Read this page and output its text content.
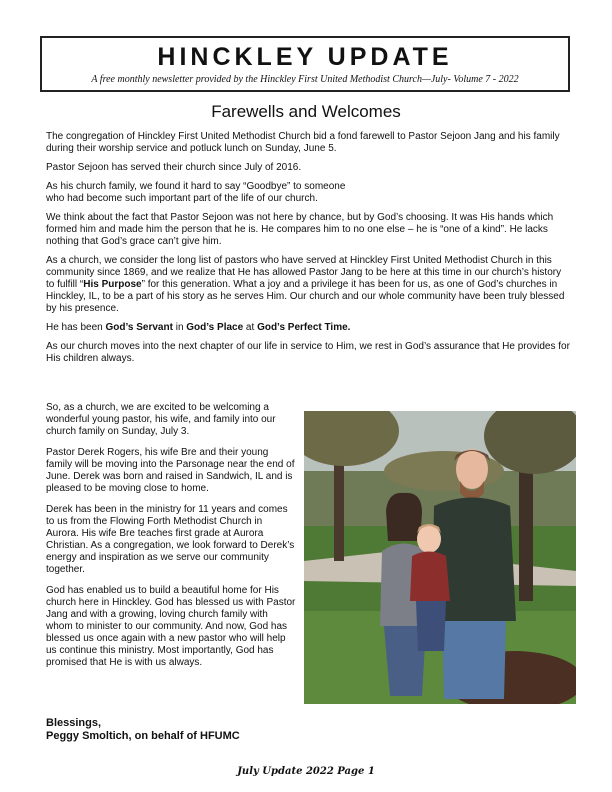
HINCKLEY UPDATE
A free monthly newsletter provided by the Hinckley First United Methodist Church—July- Volume 7 - 2022
Farewells and Welcomes

The congregation of Hinckley First United Methodist Church bid a fond farewell to Pastor Sejoon Jang and his family during their worship service and potluck lunch on Sunday, June 5.

Pastor Sejoon has served their church since July of 2016.

As his church family, we found it hard to say “Goodbye” to someone
who had become such important part of the life of our church.

We think about the fact that Pastor Sejoon was not here by chance, but by God’s choosing. It was His hands which formed him and made him the person that he is. He compares him to no one else – he is “one of a kind”. He lacks nothing that God’s grace can’t give him.

As a church, we consider the long list of pastors who have served at Hinckley First United Methodist Church in this community since 1869, and we realize that He has allowed Pastor Jang to be here at this time in our church’s history to fulfill “His Purpose” for this generation. What a joy and a privilege it has been for us, as one of God’s churches in Hinckley, IL, to be a part of his story as he serves Him. Our church and our whole community have been truly blessed by his presence.

He has been God’s Servant in God’s Place at God’s Perfect Time.

As our church moves into the next chapter of our life in service to Him, we rest in God’s assurance that He provides for His children always.

So, as a church, we are excited to be welcoming a wonderful young pastor, his wife, and family into our church family on Sunday, July 3.

Pastor Derek Rogers, his wife Bre and their young family will be moving into the Parsonage near the end of June. Derek was born and raised in Sandwich, IL and is pleased to be moving close to home.

Derek has been in the ministry for 11 years and comes to us from the Flowing Forth Methodist Church in Aurora. His wife Bre teaches first grade at Aurora Christian. As a congregation, we look forward to Derek’s energy and inspiration as we serve our community together.

God has enabled us to build a beautiful home for His church here in Hinckley. God has blessed us with Pastor Jang and with a growing, loving church family with whom to minister to our community. And now, God has blessed us once again with a new pastor who will help us continue this ministry. Most importantly, God has promised that He is with us always.

Blessings,
Peggy Smoltich, on behalf of HFUMC
July Update 2022 Page 1
